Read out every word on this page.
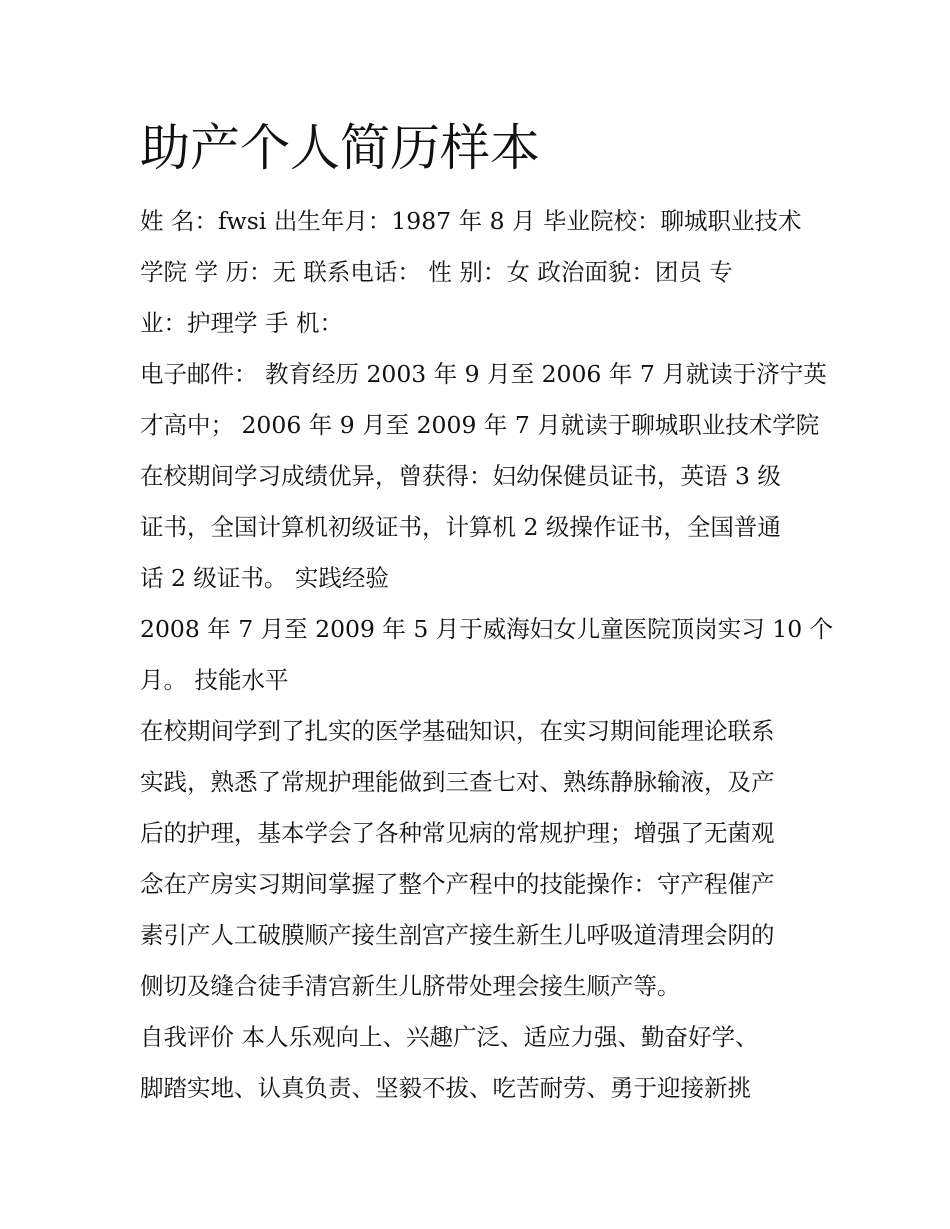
助产个人简历样本

姓 名：fwsi 出生年月：1987 年 8 月 毕业院校：聊城职业技术

学院 学 历：无 联系电话： 性 别：女 政治面貌：团员 专

业：护理学 手 机：

电子邮件： 教育经历 2003 年 9 月至 2006 年 7 月就读于济宁英

才高中； 2006 年 9 月至 2009 年 7 月就读于聊城职业技术学院

在校期间学习成绩优异，曾获得：妇幼保健员证书，英语 3 级

证书，全国计算机初级证书，计算机 2 级操作证书，全国普通

话 2 级证书。 实践经验

2008 年 7 月至 2009 年 5 月于威海妇女儿童医院顶岗实习 10 个

月。 技能水平

在校期间学到了扎实的医学基础知识，在实习期间能理论联系

实践，熟悉了常规护理能做到三查七对、熟练静脉输液，及产

后的护理，基本学会了各种常见病的常规护理；增强了无菌观

念在产房实习期间掌握了整个产程中的技能操作：守产程催产

素引产人工破膜顺产接生剖宫产接生新生儿呼吸道清理会阴的

侧切及缝合徒手清宫新生儿脐带处理会接生顺产等。

自我评价 本人乐观向上、兴趣广泛、适应力强、勤奋好学、

脚踏实地、认真负责、坚毅不拔、吃苦耐劳、勇于迎接新挑
